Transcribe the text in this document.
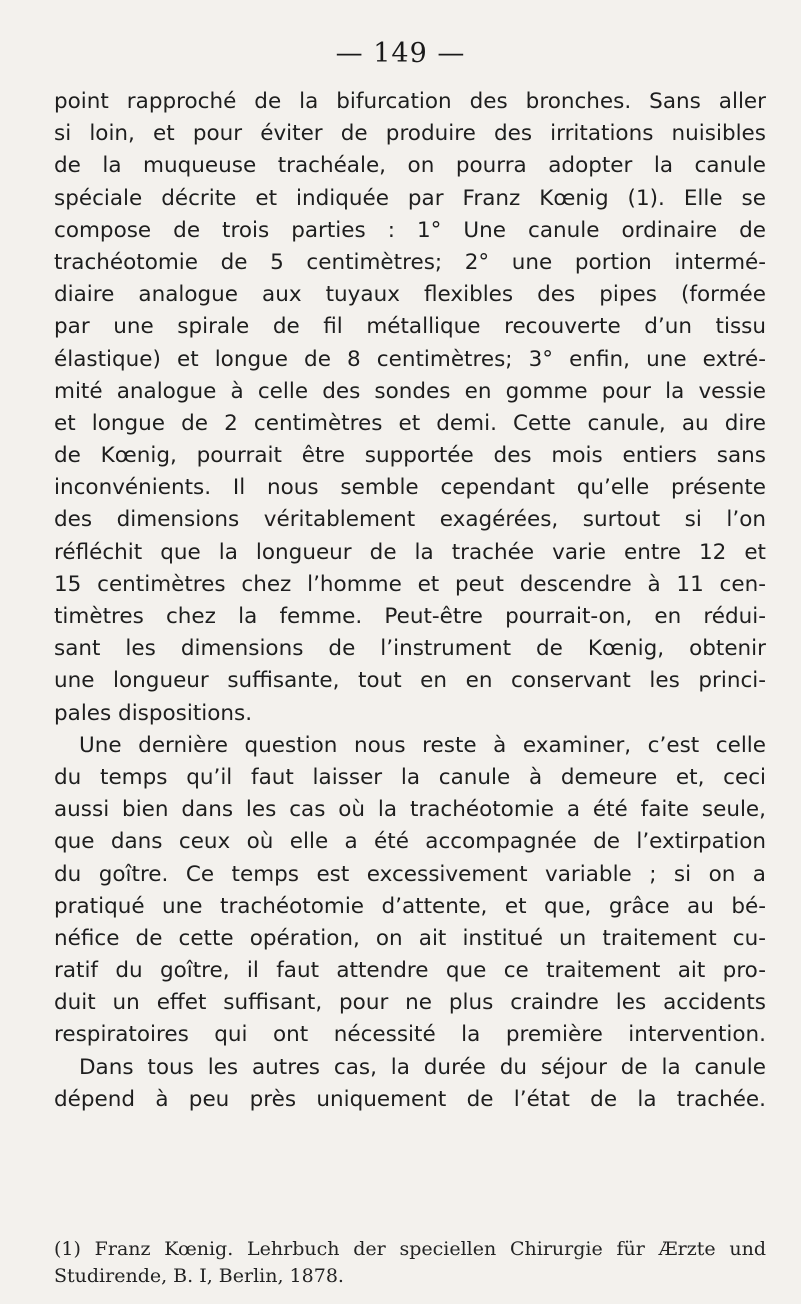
— 149 —
point rapproché de la bifurcation des bronches. Sans aller
si loin, et pour éviter de produire des irritations nuisibles
de la muqueuse trachéale, on pourra adopter la canule
spéciale décrite et indiquée par Franz Kœnig (1). Elle se
compose de trois parties : 1° Une canule ordinaire de
trachéotomie de 5 centimètres; 2° une portion intermé-
diaire analogue aux tuyaux flexibles des pipes (formée
par une spirale de fil métallique recouverte d’un tissu
élastique) et longue de 8 centimètres; 3° enfin, une extré-
mité analogue à celle des sondes en gomme pour la vessie
et longue de 2 centimètres et demi. Cette canule, au dire
de Kœnig, pourrait être supportée des mois entiers sans
inconvénients. Il nous semble cependant qu’elle présente
des dimensions véritablement exagérées, surtout si l’on
réfléchit que la longueur de la trachée varie entre 12 et
15 centimètres chez l’homme et peut descendre à 11 cen-
timètres chez la femme. Peut-être pourrait-on, en rédui-
sant les dimensions de l’instrument de Kœnig, obtenir
une longueur suffisante, tout en en conservant les princi-
pales dispositions.
Une dernière question nous reste à examiner, c’est celle
du temps qu’il faut laisser la canule à demeure et, ceci
aussi bien dans les cas où la trachéotomie a été faite seule,
que dans ceux où elle a été accompagnée de l’extirpation
du goître. Ce temps est excessivement variable ; si on a
pratiqué une trachéotomie d’attente, et que, grâce au bé-
néfice de cette opération, on ait institué un traitement cu-
ratif du goître, il faut attendre que ce traitement ait pro-
duit un effet suffisant, pour ne plus craindre les accidents
respiratoires qui ont nécessité la première intervention.
Dans tous les autres cas, la durée du séjour de la canule
dépend à peu près uniquement de l’état de la trachée.
(1) Franz Kœnig. Lehrbuch der speciellen Chirurgie für Ærzte und
Studirende, B. I, Berlin, 1878.
